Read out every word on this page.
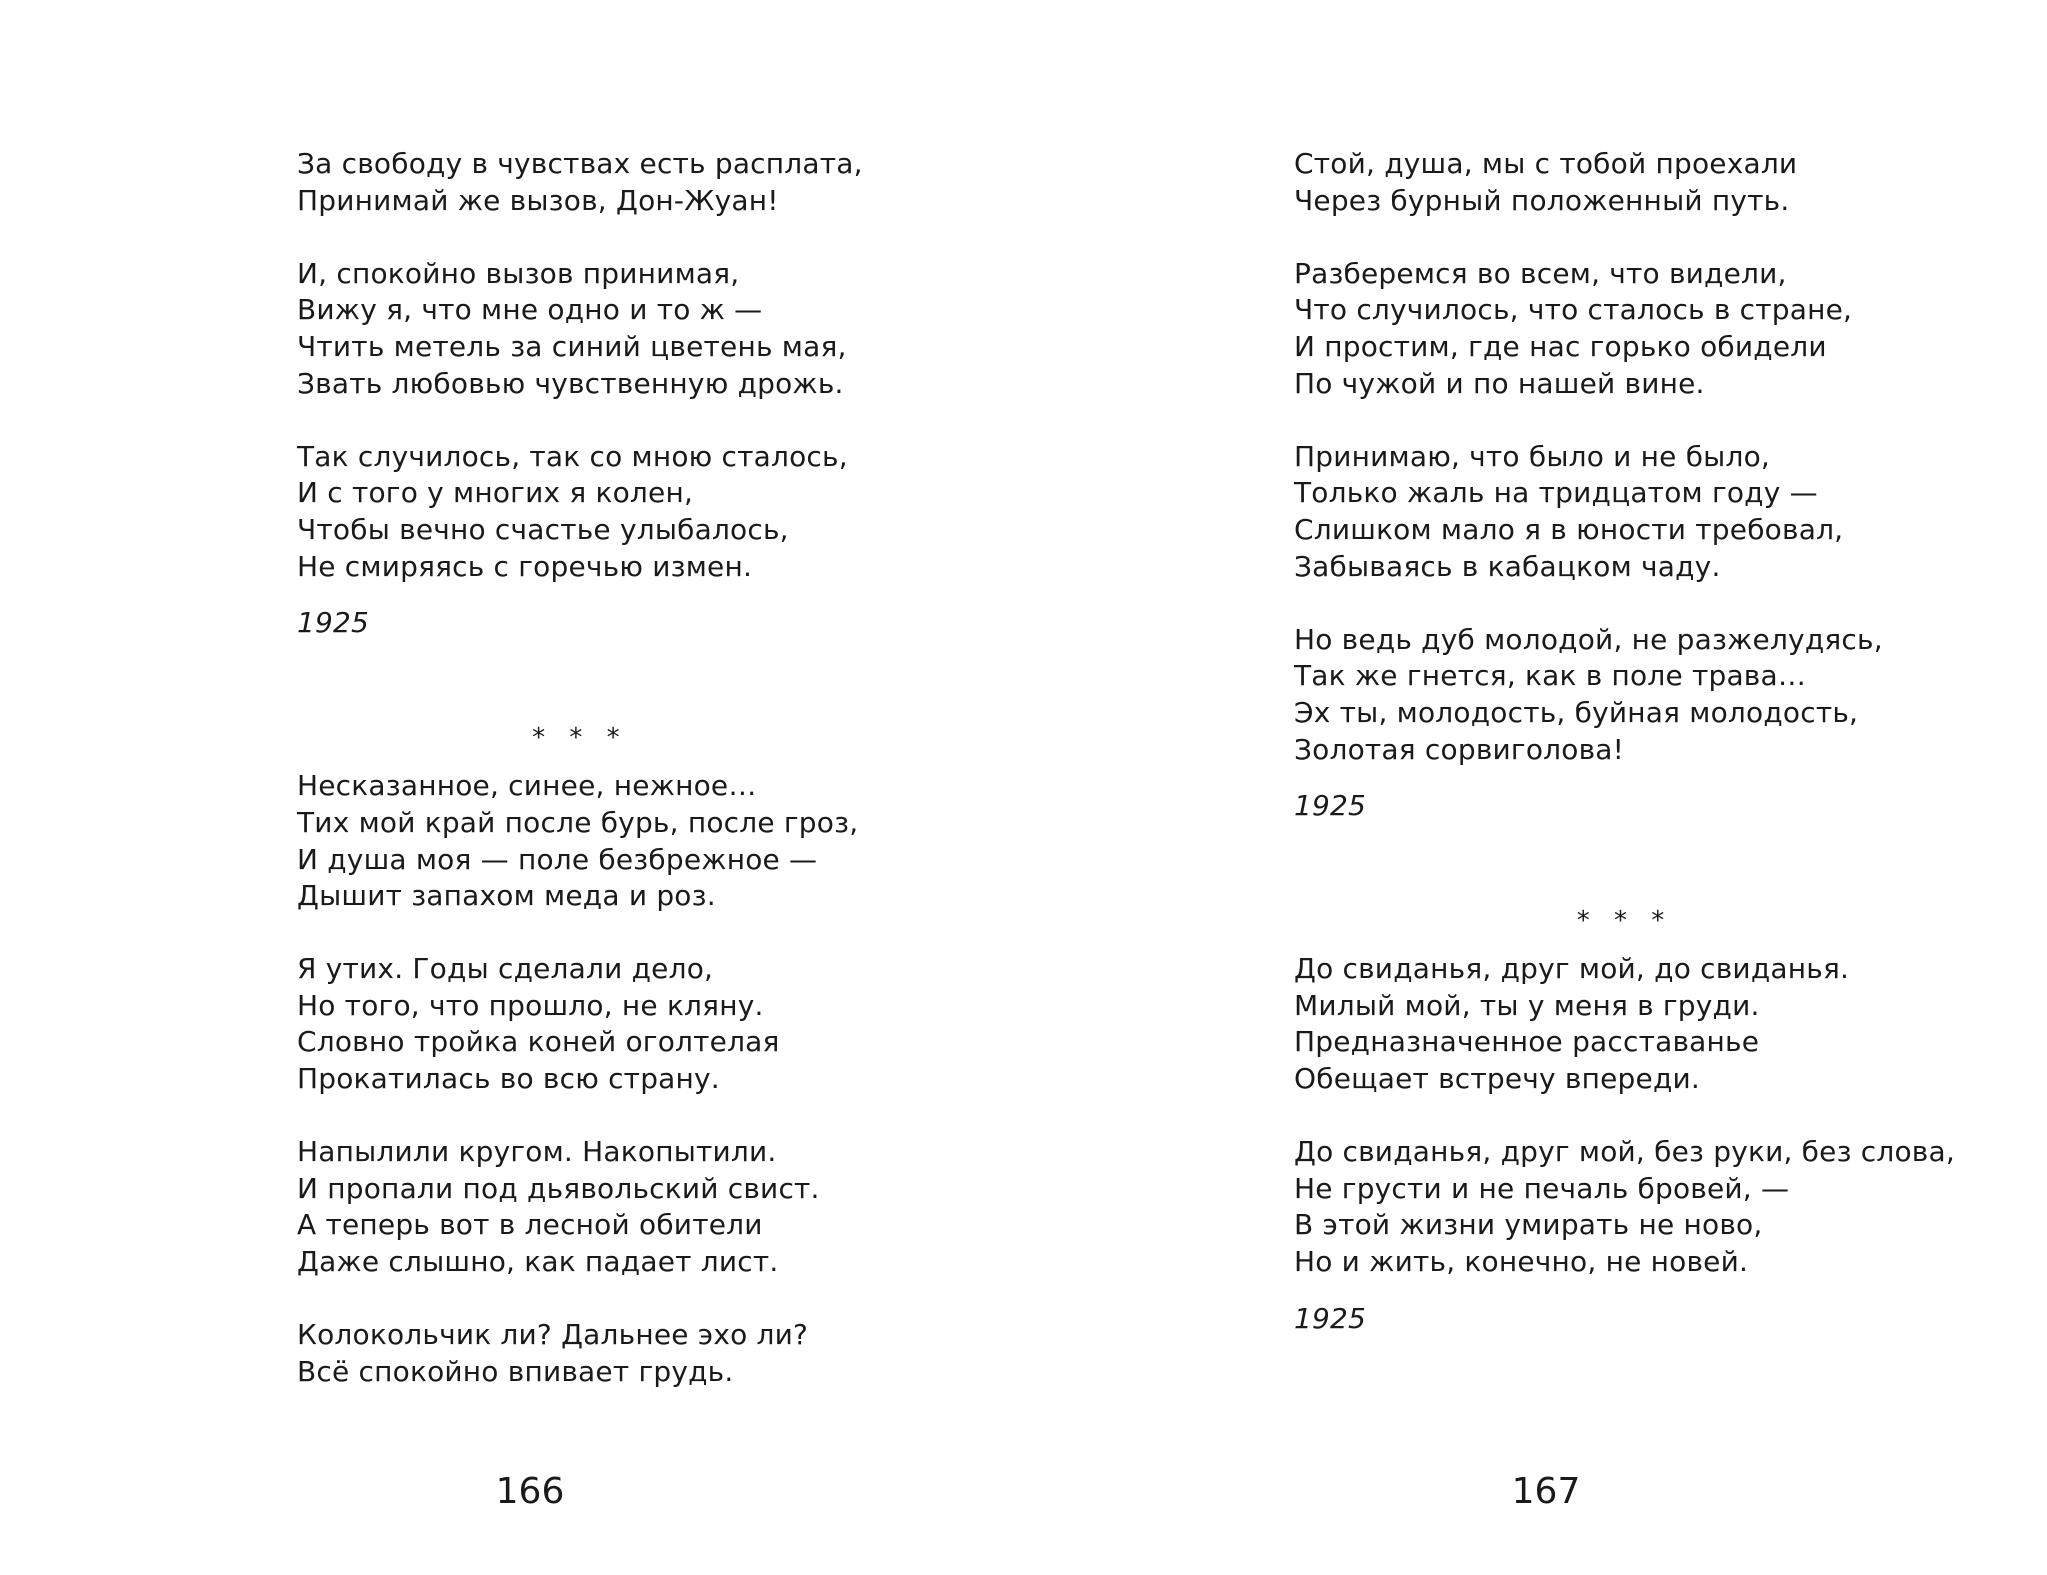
За свободу в чувствах есть расплата,
Принимай же вызов, Дон-Жуан!
И, спокойно вызов принимая,
Вижу я, что мне одно и то ж —
Чтить метель за синий цветень мая,
Звать любовью чувственную дрожь.
Так случилось, так со мною сталось,
И с того у многих я колен,
Чтобы вечно счастье улыбалось,
Не смиряясь с горечью измен.
1925
* * *
Несказанное, синее, нежное…
Тих мой край после бурь, после гроз,
И душа моя — поле безбрежное —
Дышит запахом меда и роз.
Я утих. Годы сделали дело,
Но того, что прошло, не кляну.
Словно тройка коней оголтелая
Прокатилась во всю страну.
Напылили кругом. Накопытили.
И пропали под дьявольский свист.
А теперь вот в лесной обители
Даже слышно, как падает лист.
Колокольчик ли? Дальнее эхо ли?
Всё спокойно впивает грудь.
166
Стой, душа, мы с тобой проехали
Через бурный положенный путь.
Разберемся во всем, что видели,
Что случилось, что сталось в стране,
И простим, где нас горько обидели
По чужой и по нашей вине.
Принимаю, что было и не было,
Только жаль на тридцатом году —
Слишком мало я в юности требовал,
Забываясь в кабацком чаду.
Но ведь дуб молодой, не разжелудясь,
Так же гнется, как в поле трава…
Эх ты, молодость, буйная молодость,
Золотая сорвиголова!
1925
* * *
До свиданья, друг мой, до свиданья.
Милый мой, ты у меня в груди.
Предназначенное расставанье
Обещает встречу впереди.
До свиданья, друг мой, без руки, без слова,
Не грусти и не печаль бровей, —
В этой жизни умирать не ново,
Но и жить, конечно, не новей.
1925
167
